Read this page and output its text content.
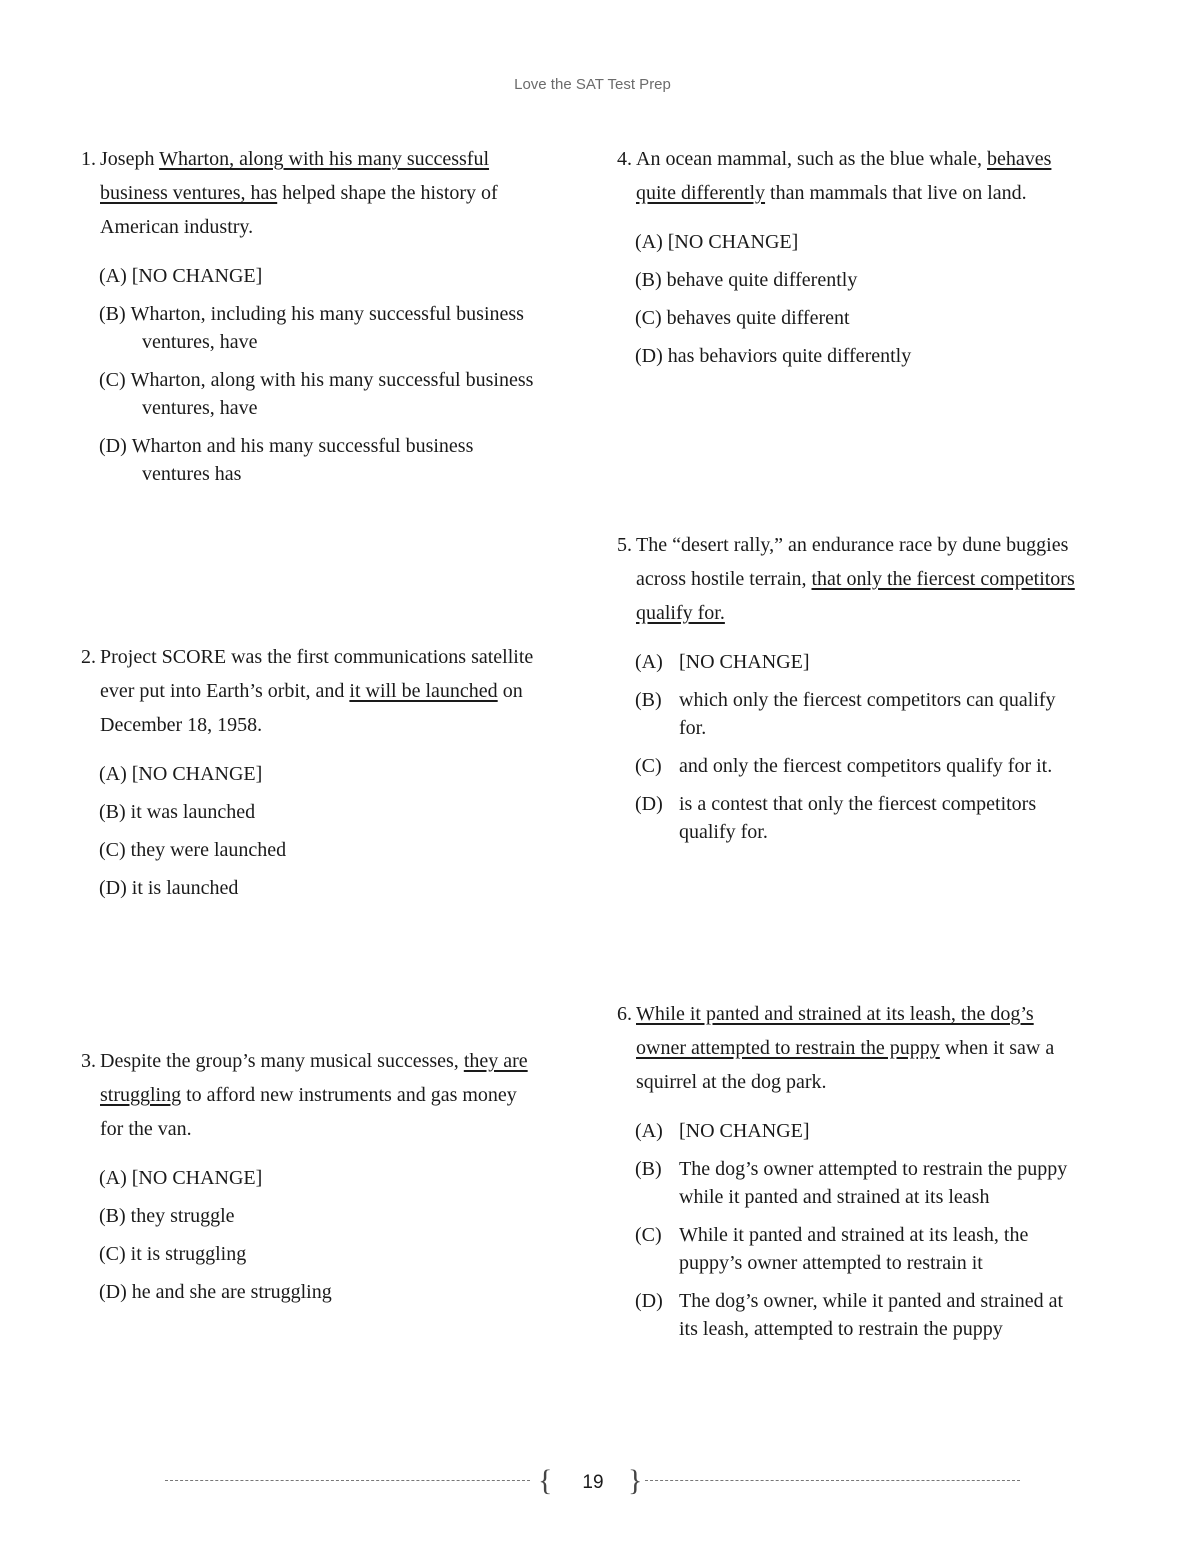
Love the SAT Test Prep
1. Joseph Wharton, along with his many successful business ventures, has helped shape the history of American industry.
(A) [NO CHANGE]
(B) Wharton, including his many successful business ventures, have
(C) Wharton, along with his many successful business ventures, have
(D) Wharton and his many successful business ventures has
2. Project SCORE was the first communications satellite ever put into Earth’s orbit, and it will be launched on December 18, 1958.
(A) [NO CHANGE]
(B) it was launched
(C) they were launched
(D) it is launched
3. Despite the group’s many musical successes, they are struggling to afford new instruments and gas money for the van.
(A) [NO CHANGE]
(B) they struggle
(C) it is struggling
(D) he and she are struggling
4. An ocean mammal, such as the blue whale, behaves quite differently than mammals that live on land.
(A) [NO CHANGE]
(B) behave quite differently
(C) behaves quite different
(D) has behaviors quite differently
5. The “desert rally,” an endurance race by dune buggies across hostile terrain, that only the fiercest competitors qualify for.
(A) [NO CHANGE]
(B) which only the fiercest competitors can qualify for.
(C) and only the fiercest competitors qualify for it.
(D) is a contest that only the fiercest competitors qualify for.
6. While it panted and strained at its leash, the dog’s owner attempted to restrain the puppy when it saw a squirrel at the dog park.
(A) [NO CHANGE]
(B) The dog’s owner attempted to restrain the puppy while it panted and strained at its leash
(C) While it panted and strained at its leash, the puppy’s owner attempted to restrain it
(D) The dog’s owner, while it panted and strained at its leash, attempted to restrain the puppy
{ 19 }
